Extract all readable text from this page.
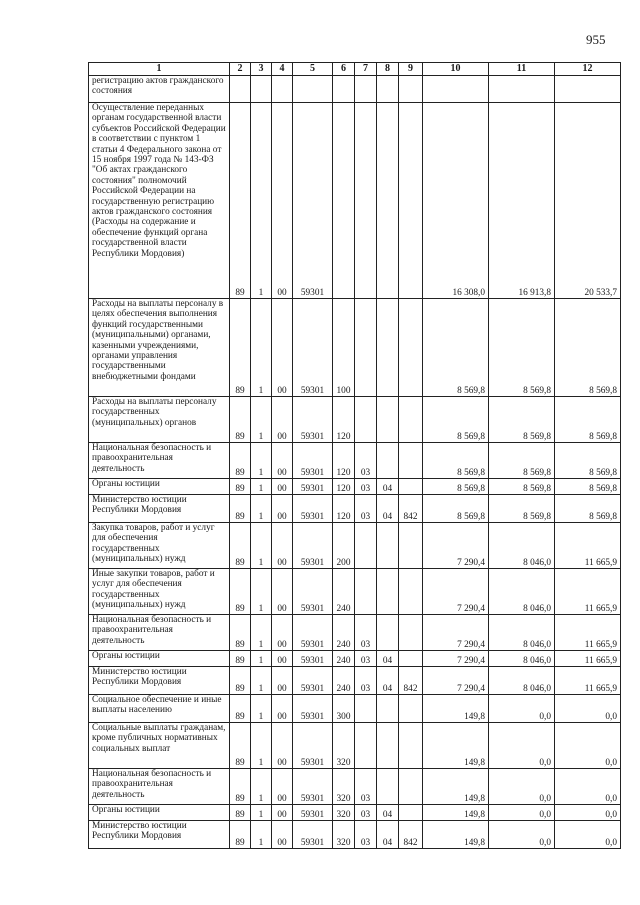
955
1	2	3	4	5	6	7	8	9	10	11	12
регистрацию актов гражданского состояния											
Осуществление переданных органам государственной власти субъектов Российской Федерации в соответствии с пунктом 1 статьи 4 Федерального закона от 15 ноября 1997 года № 143-ФЗ "Об актах гражданского состояния" полномочий Российской Федерации на государственную регистрацию актов гражданского состояния (Расходы на содержание и обеспечение функций органа государственной власти Республики Мордовия)	89	1	00	59301					16 308,0	16 913,8	20 533,7
Расходы на выплаты персоналу в целях обеспечения выполнения функций государственными (муниципальными) органами, казенными учреждениями, органами управления государственными внебюджетными фондами	89	1	00	59301	100				8 569,8	8 569,8	8 569,8
Расходы на выплаты персоналу государственных (муниципальных) органов	89	1	00	59301	120				8 569,8	8 569,8	8 569,8
Национальная безопасность и правоохранительная деятельность	89	1	00	59301	120	03			8 569,8	8 569,8	8 569,8
Органы юстиции	89	1	00	59301	120	03	04		8 569,8	8 569,8	8 569,8
Министерство юстиции Республики Мордовия	89	1	00	59301	120	03	04	842	8 569,8	8 569,8	8 569,8
Закупка товаров, работ и услуг для обеспечения государственных (муниципальных) нужд	89	1	00	59301	200				7 290,4	8 046,0	11 665,9
Иные закупки товаров, работ и услуг для обеспечения государственных (муниципальных) нужд	89	1	00	59301	240				7 290,4	8 046,0	11 665,9
Национальная безопасность и правоохранительная деятельность	89	1	00	59301	240	03			7 290,4	8 046,0	11 665,9
Органы юстиции	89	1	00	59301	240	03	04		7 290,4	8 046,0	11 665,9
Министерство юстиции Республики Мордовия	89	1	00	59301	240	03	04	842	7 290,4	8 046,0	11 665,9
Социальное обеспечение и иные выплаты населению	89	1	00	59301	300				149,8	0,0	0,0
Социальные выплаты гражданам, кроме публичных нормативных социальных выплат	89	1	00	59301	320				149,8	0,0	0,0
Национальная безопасность и правоохранительная деятельность	89	1	00	59301	320	03			149,8	0,0	0,0
Органы юстиции	89	1	00	59301	320	03	04		149,8	0,0	0,0
Министерство юстиции Республики Мордовия	89	1	00	59301	320	03	04	842	149,8	0,0	0,0
